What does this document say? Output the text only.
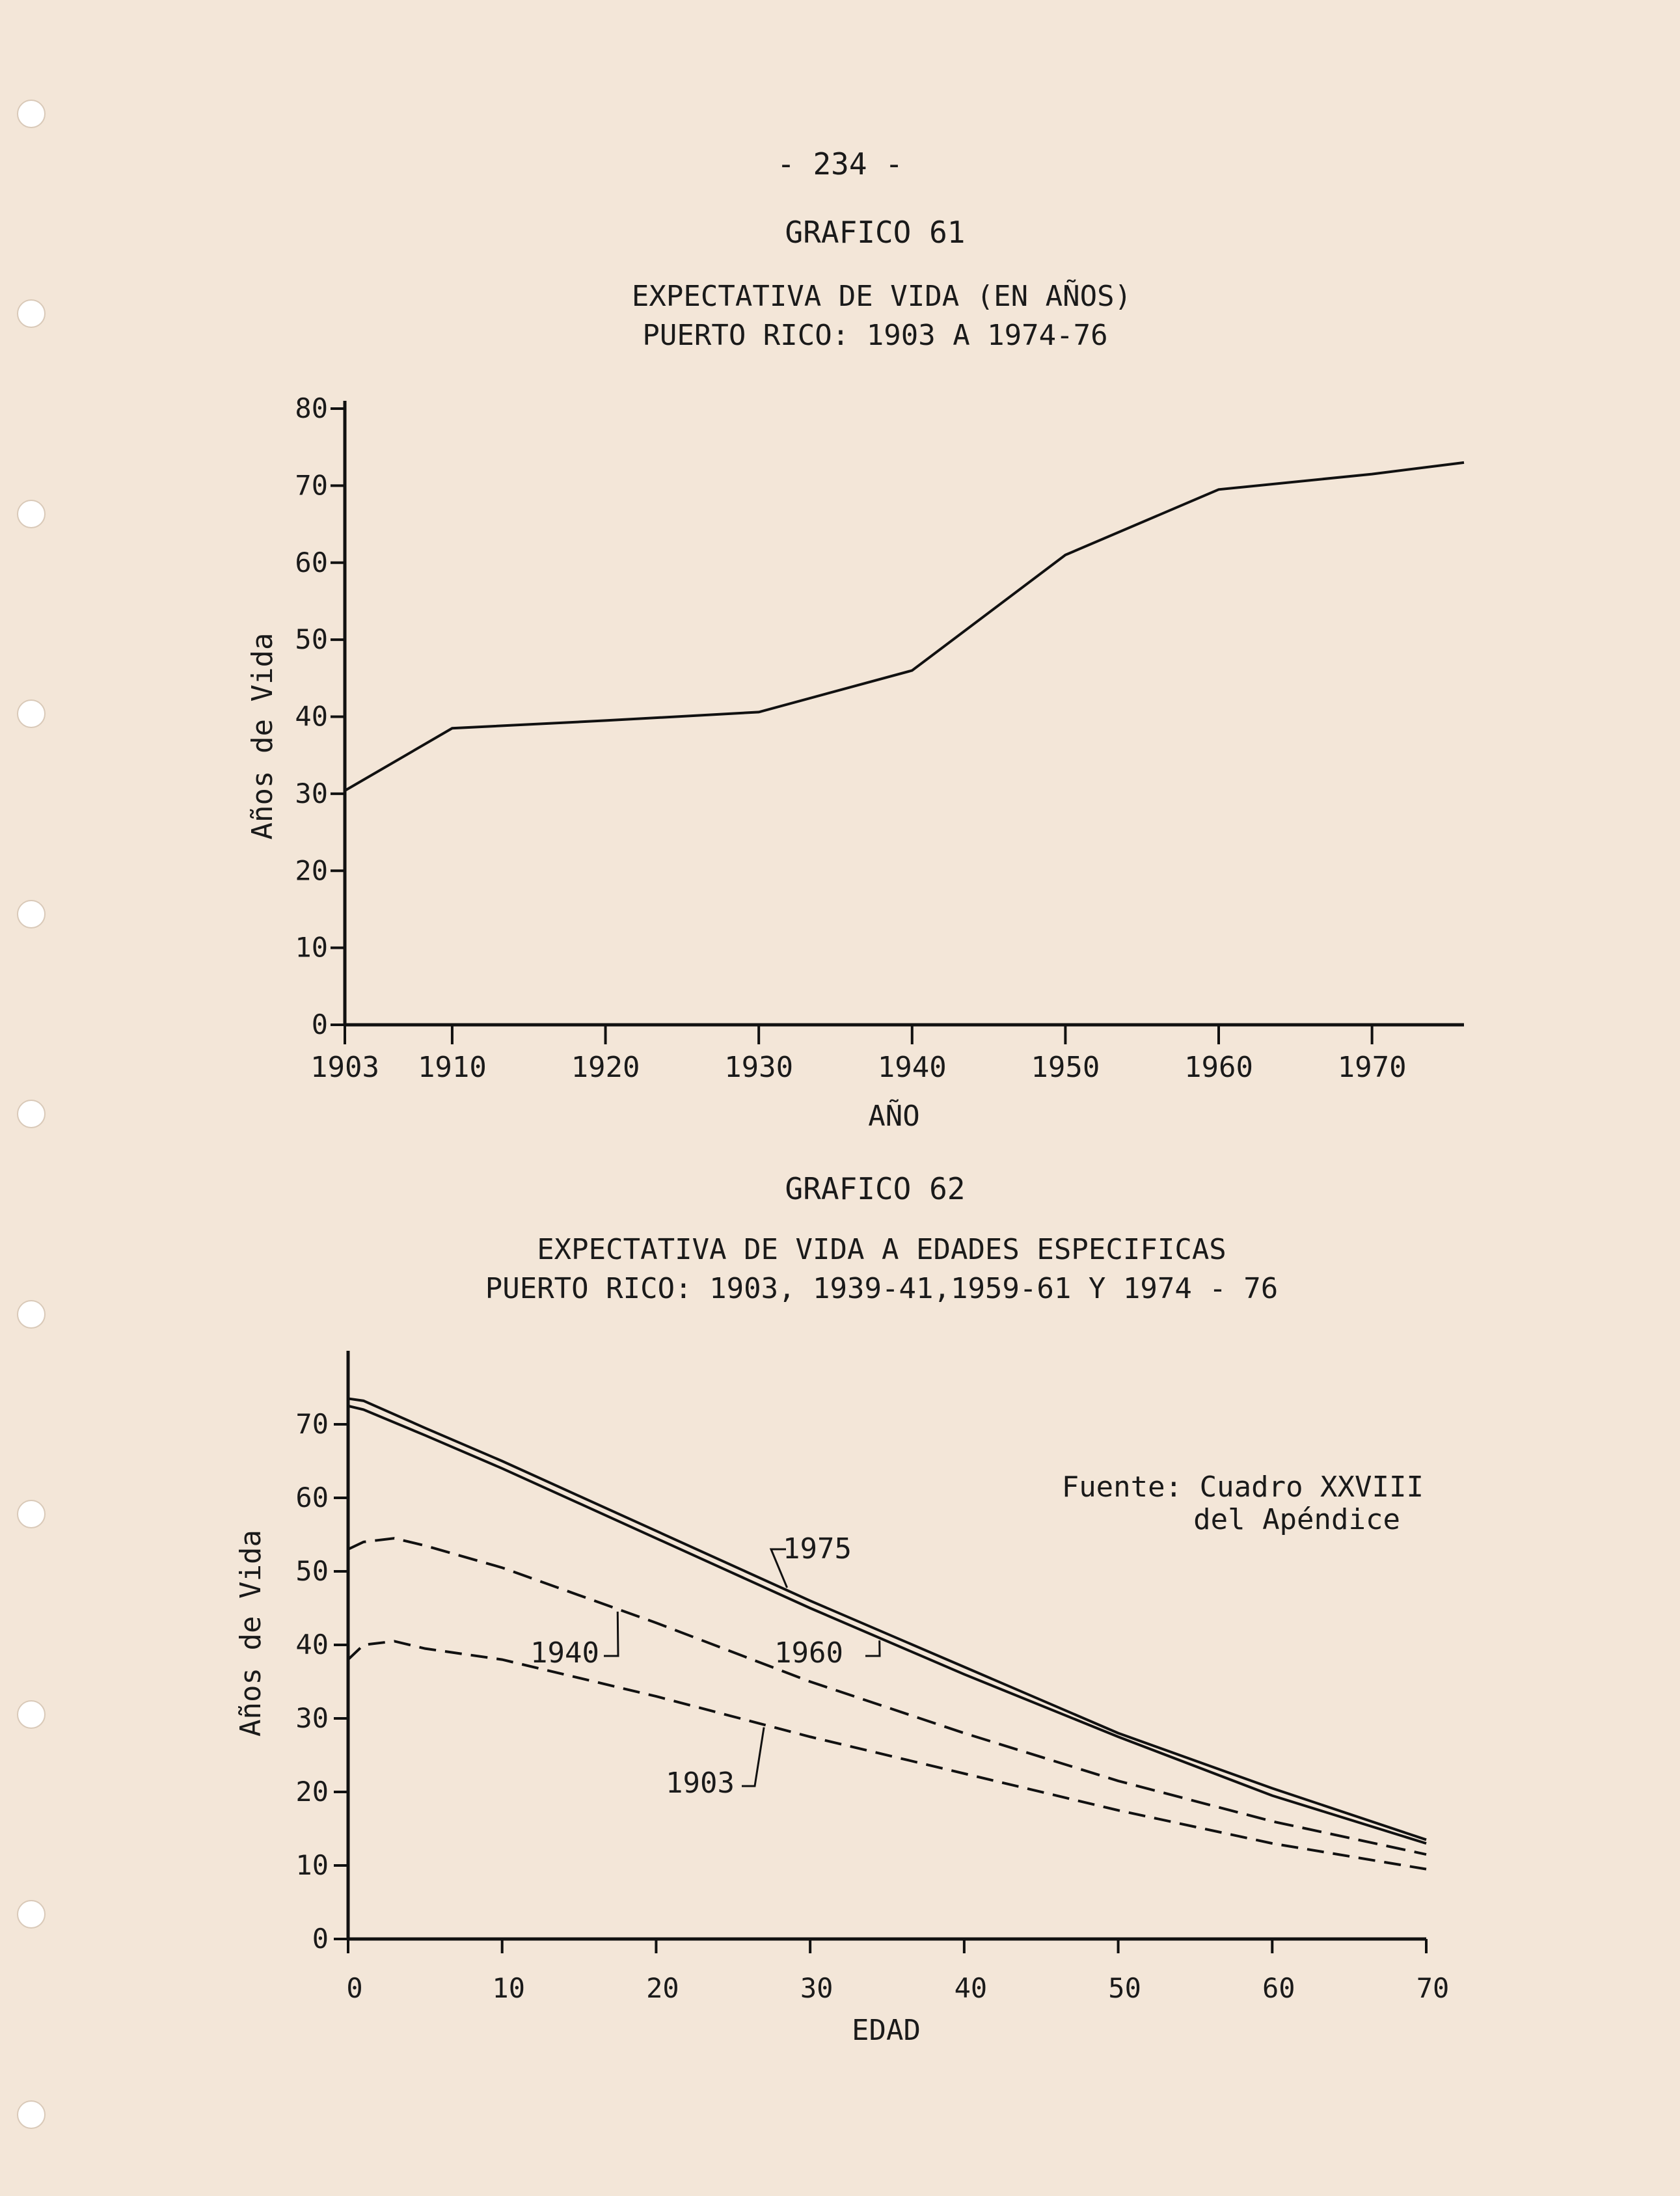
- 234 -
GRAFICO 61
EXPECTATIVA DE VIDA (EN AÑOS)
PUERTO RICO: 1903 A 1974-76
GRAFICO 62
EXPECTATIVA DE VIDA A EDADES ESPECIFICAS
PUERTO RICO: 1903, 1939-41,1959-61 Y 1974 - 76
0
10
20
30
40
50
60
70
80
1903 1910	1920	1930	1940	1950	1960	1970
AÑO
Años de Vida
0
10
20
30
40
50
60
70
0	10	20	30	40	50	60	70
EDAD
Años de Vida
Fuente: Cuadro XXVIII
del Apéndice
1975
1960
1940
1903
